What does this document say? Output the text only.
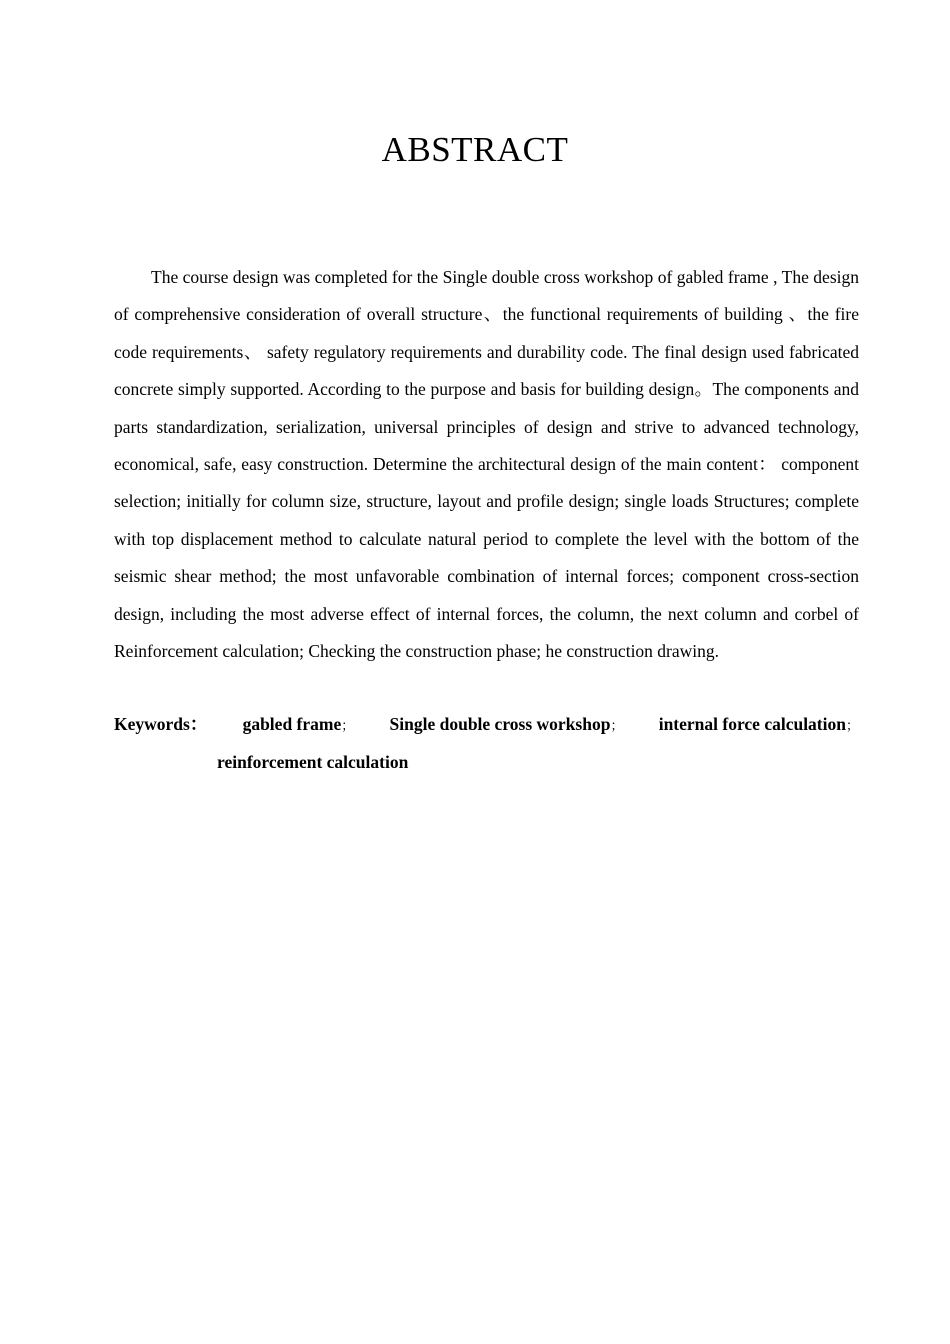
ABSTRACT

The course design was completed for the Single double cross workshop of gabled frame , The design of comprehensive consideration of overall structure、the functional requirements of building 、the fire code requirements、 safety regulatory requirements and durability code. The final design used fabricated concrete simply supported. According to the purpose and basis for building design。The components and parts standardization, serialization, universal principles of design and strive to advanced technology, economical, safe, easy construction. Determine the architectural design of the main content： component selection; initially for column size, structure, layout and profile design; single loads Structures; complete with top displacement method to calculate natural period to complete the level with the bottom of the seismic shear method; the most unfavorable combination of internal forces; component cross-section design, including the most adverse effect of internal forces, the column, the next column and corbel of Reinforcement calculation; Checking the construction phase; he construction drawing.

Keywords： gabled frame； Single double cross workshop； internal force calculation；
reinforcement calculation
